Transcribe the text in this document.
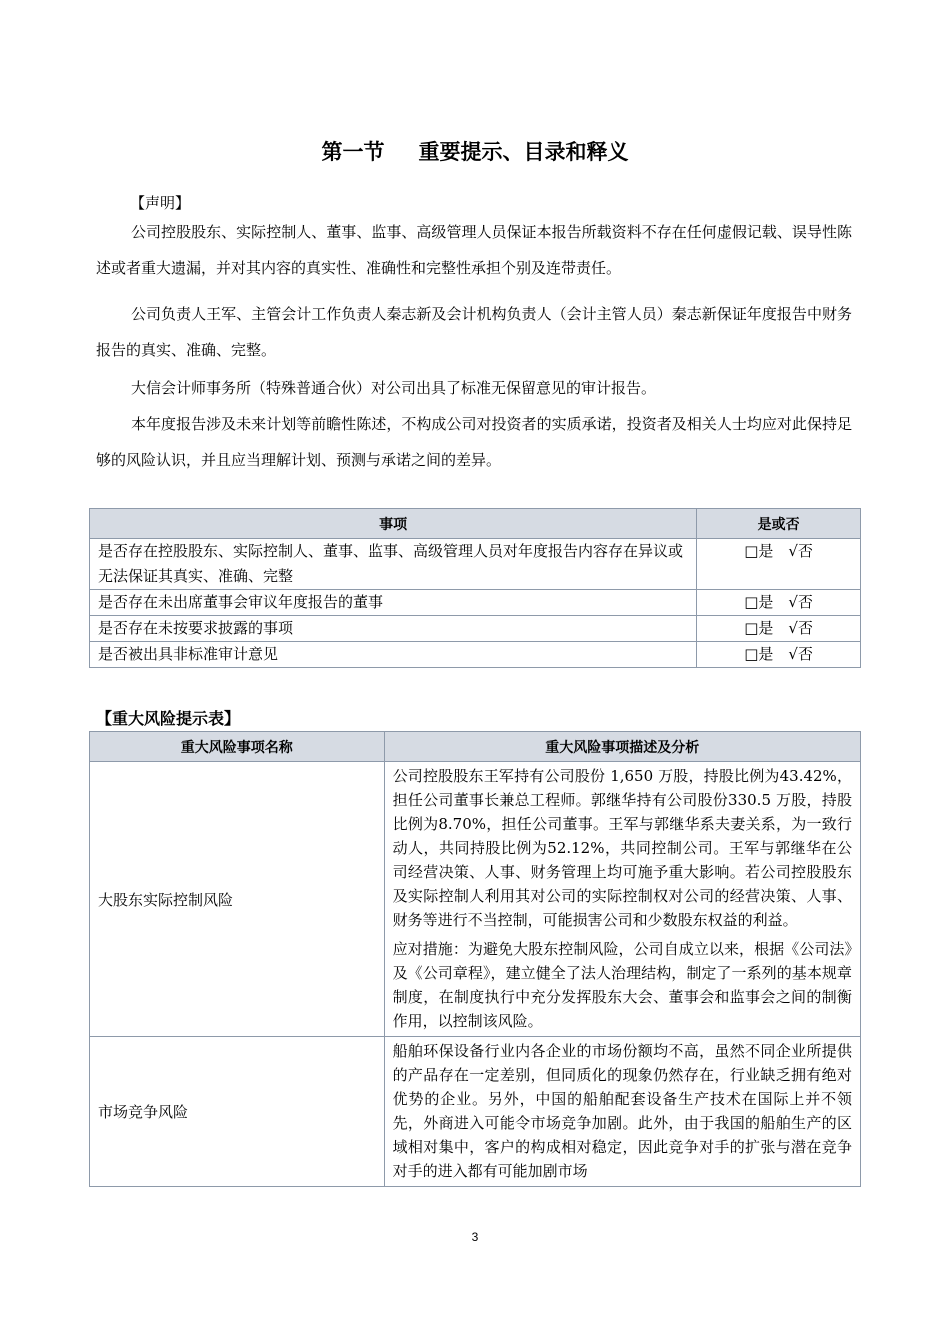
第一节 重要提示、目录和释义
【声明】

公司控股股东、实际控制人、董事、监事、高级管理人员保证本报告所载资料不存在任何虚假记载、误导性陈述或者重大遗漏，并对其内容的真实性、准确性和完整性承担个别及连带责任。

公司负责人王军、主管会计工作负责人秦志新及会计机构负责人（会计主管人员）秦志新保证年度报告中财务报告的真实、准确、完整。

大信会计师事务所（特殊普通合伙）对公司出具了标准无保留意见的审计报告。

本年度报告涉及未来计划等前瞻性陈述，不构成公司对投资者的实质承诺，投资者及相关人士均应对此保持足够的风险认识，并且应当理解计划、预测与承诺之间的差异。

事项	是或否
是否存在控股股东、实际控制人、董事、监事、高级管理人员对年度报告内容存在异议或无法保证其真实、准确、完整	□是　√否
是否存在未出席董事会审议年度报告的董事	□是　√否
是否存在未按要求披露的事项	□是　√否
是否被出具非标准审计意见	□是　√否
【重大风险提示表】
重大风险事项名称	重大风险事项描述及分析
大股东实际控制风险	公司控股股东王军持有公司股份 1,650 万股，持股比例为43.42%，担任公司董事长兼总工程师。郭继华持有公司股份330.5 万股，持股比例为8.70%，担任公司董事。王军与郭继华系夫妻关系，为一致行动人，共同持股比例为52.12%，共同控制公司。王军与郭继华在公司经营决策、人事、财务管理上均可施予重大影响。若公司控股股东及实际控制人利用其对公司的实际控制权对公司的经营决策、人事、财务等进行不当控制，可能损害公司和少数股东权益的利益。
应对措施：为避免大股东控制风险，公司自成立以来，根据《公司法》及《公司章程》，建立健全了法人治理结构，制定了一系列的基本规章制度，在制度执行中充分发挥股东大会、董事会和监事会之间的制衡作用，以控制该风险。

市场竞争风险	船舶环保设备行业内各企业的市场份额均不高，虽然不同企业所提供的产品存在一定差别，但同质化的现象仍然存在，行业缺乏拥有绝对优势的企业。另外，中国的船舶配套设备生产技术在国际上并不领先，外商进入可能令市场竞争加剧。此外，由于我国的船舶生产的区域相对集中，客户的构成相对稳定，因此竞争对手的扩张与潜在竞争对手的进入都有可能加剧市场
3
